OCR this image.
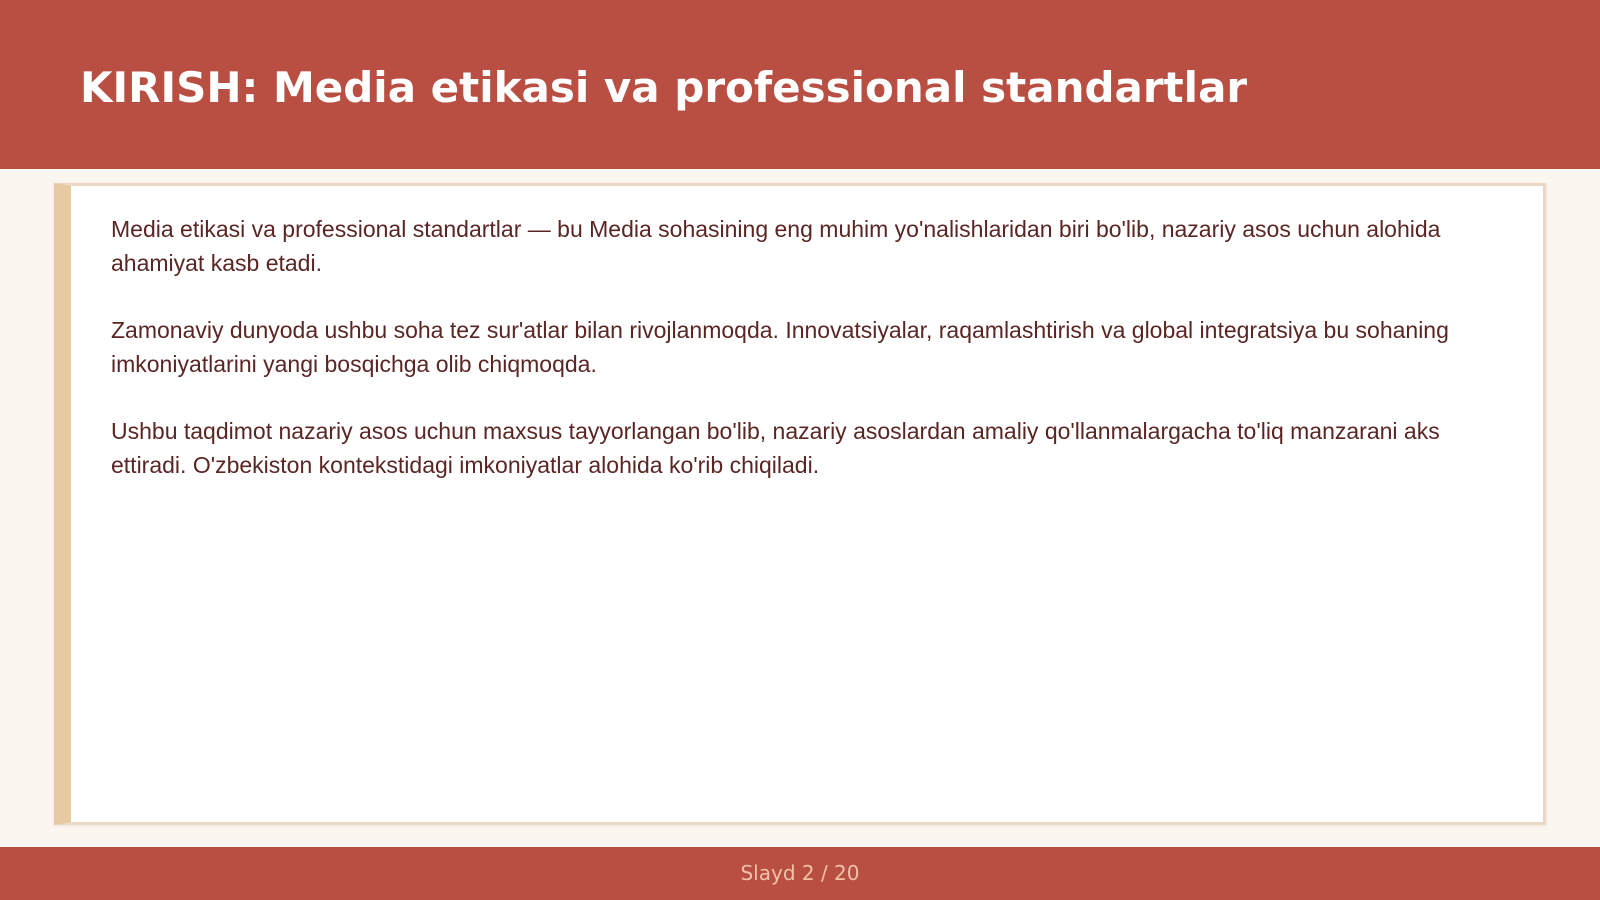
KIRISH: Media etikasi va professional standartlar

Media etikasi va professional standartlar — bu Media sohasining eng muhim yo'nalishlaridan biri bo'lib, nazariy asos uchun alohida ahamiyat kasb etadi.

Zamonaviy dunyoda ushbu soha tez sur'atlar bilan rivojlanmoqda. Innovatsiyalar, raqamlashtirish va global integratsiya bu sohaning imkoniyatlarini yangi bosqichga olib chiqmoqda.

Ushbu taqdimot nazariy asos uchun maxsus tayyorlangan bo'lib, nazariy asoslardan amaliy qo'llanmalargacha to'liq manzarani aks ettiradi. O'zbekiston kontekstidagi imkoniyatlar alohida ko'rib chiqiladi.

Slayd 2 / 20
